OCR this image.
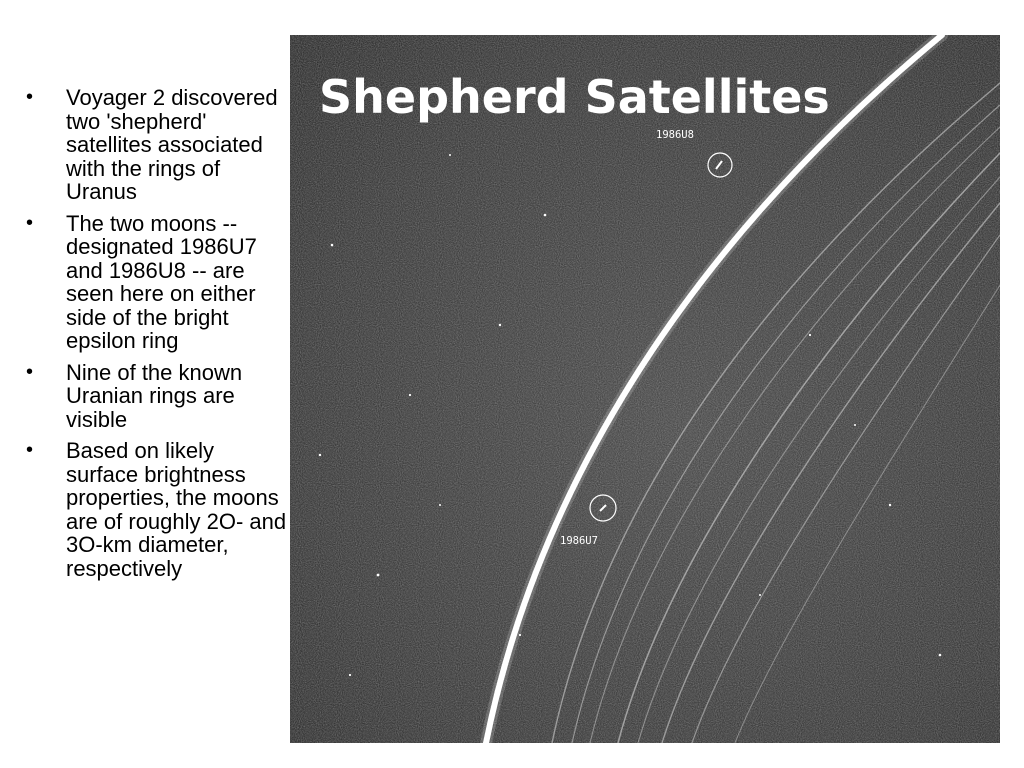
• Voyager 2 discovered two 'shepherd' satellites associated with the rings of Uranus
• The two moons -- designated 1986U7 and 1986U8 -- are seen here on either side of the bright epsilon ring
• Nine of the known Uranian rings are visible
• Based on likely surface brightness properties, the moons are of roughly 2O- and 3O-km diameter, respectively
1986U8
1986U7
Shepherd Satellites
